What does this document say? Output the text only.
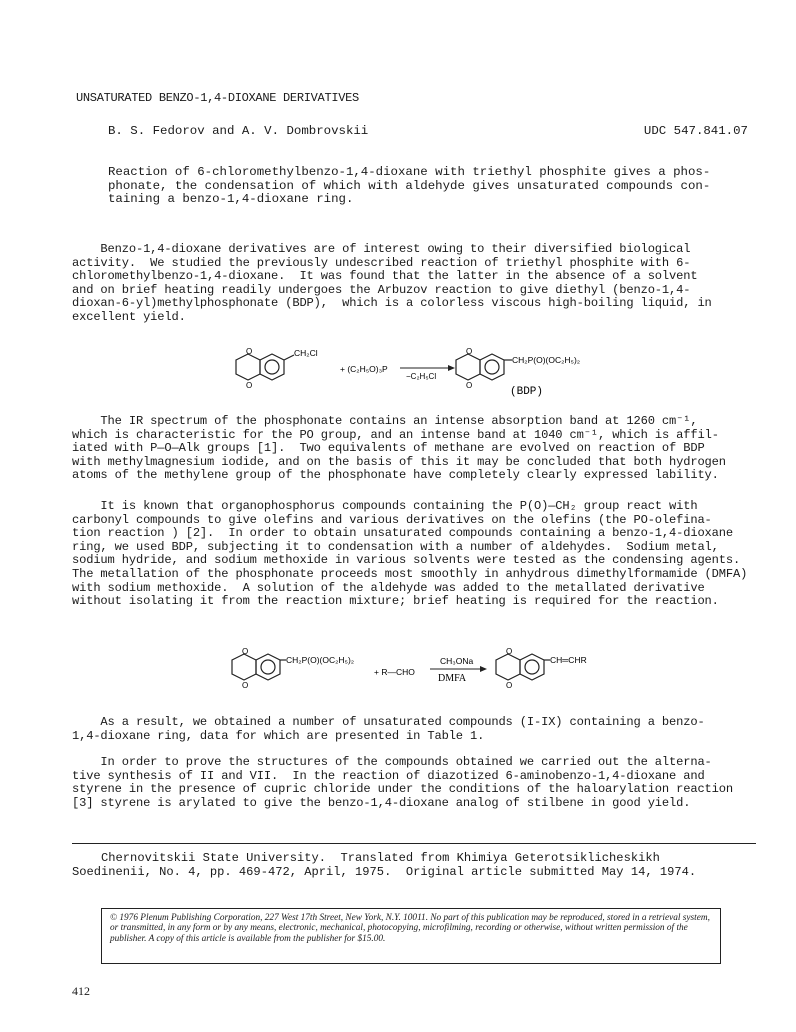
UNSATURATED BENZO-1,4-DIOXANE DERIVATIVES
B. S. Fedorov and A. V. Dombrovskii	UDC 547.841.07
Reaction of 6-chloromethylbenzo-1,4-dioxane with triethyl phosphite gives a phos-
phonate, the condensation of which with aldehyde gives unsaturated compounds con-
taining a benzo-1,4-dioxane ring.
Benzo-1,4-dioxane derivatives are of interest owing to their diversified biological
activity.  We studied the previously undescribed reaction of triethyl phosphite with 6-
chloromethylbenzo-1,4-dioxane.  It was found that the latter in the absence of a solvent
and on brief heating readily undergoes the Arbuzov reaction to give diethyl (benzo-1,4-
dioxan-6-yl)methylphosphonate (BDP),  which is a colorless viscous high-boiling liquid, in
excellent yield.
O
O
CH₂Cl
+ (C₂H₅O)₃P
−C₂H₅Cl
O
O
CH₂P(O)(OC₂H₅)₂
(BDP)
The IR spectrum of the phosphonate contains an intense absorption band at 1260 cm⁻¹,
which is characteristic for the PO group, and an intense band at 1040 cm⁻¹, which is affil-
iated with P—O—Alk groups [1].  Two equivalents of methane are evolved on reaction of BDP
with methylmagnesium iodide, and on the basis of this it may be concluded that both hydrogen
atoms of the methylene group of the phosphonate have completely clearly expressed lability.
It is known that organophosphorus compounds containing the P(O)—CH₂ group react with
carbonyl compounds to give olefins and various derivatives on the olefins (the PO-olefina-
tion reaction ) [2].  In order to obtain unsaturated compounds containing a benzo-1,4-dioxane
ring, we used BDP, subjecting it to condensation with a number of aldehydes.  Sodium metal,
sodium hydride, and sodium methoxide in various solvents were tested as the condensing agents.
The metallation of the phosphonate proceeds most smoothly in anhydrous dimethylformamide (DMFA)
with sodium methoxide.  A solution of the aldehyde was added to the metallated derivative
without isolating it from the reaction mixture; brief heating is required for the reaction.
O
O
CH₂P(O)(OC₂H₅)₂
+ R—CHO
CH₃ONa
DMFA
O
O
CH═CHR
As a result, we obtained a number of unsaturated compounds (I-IX) containing a benzo-
1,4-dioxane ring, data for which are presented in Table 1.
In order to prove the structures of the compounds obtained we carried out the alterna-
tive synthesis of II and VII.  In the reaction of diazotized 6-aminobenzo-1,4-dioxane and
styrene in the presence of cupric chloride under the conditions of the haloarylation reaction
[3] styrene is arylated to give the benzo-1,4-dioxane analog of stilbene in good yield.
Chernovitskii State University.  Translated from Khimiya Geterotsiklicheskikh
Soedinenii, No. 4, pp. 469-472, April, 1975.  Original article submitted May 14, 1974.
© 1976 Plenum Publishing Corporation, 227 West 17th Street, New York, N.Y. 10011. No part of this publication may be reproduced, stored in a retrieval system, or transmitted, in any form or by any means, electronic, mechanical, photocopying, microfilming, recording or otherwise, without written permission of the publisher. A copy of this article is available from the publisher for $15.00.
412
